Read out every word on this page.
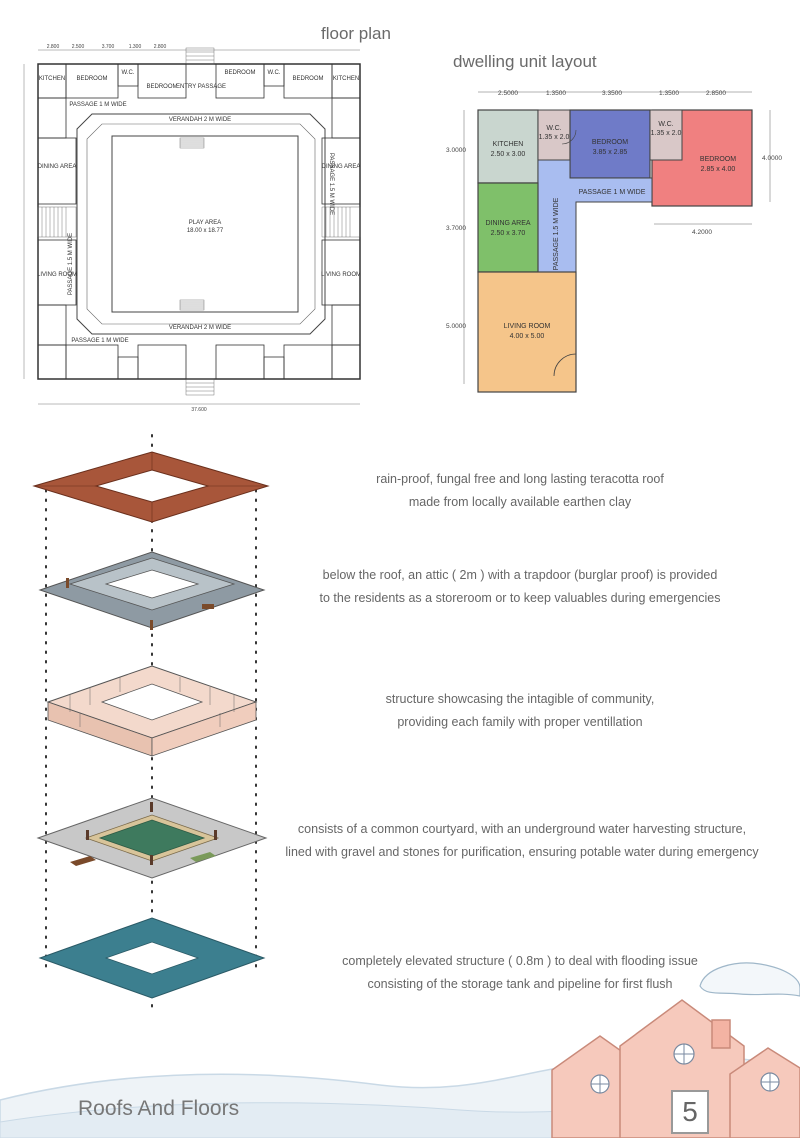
floor plan
2.800 2.500	3.700	1.300 2.800
37.600
KITCHEN BEDROOM
W.C.
BEDROOM
ENTRY PASSAGE
BEDROOM W.C.
BEDROOM KITCHEN
DINING AREA
LIVING ROOM	LIVING ROOM
DINING AREA
PASSAGE 1 M WIDE
VERANDAH 2 M WIDE
PLAY AREA
18.00 x 18.77
PASSAGE 1 M WIDE
VERANDAH 2 M WIDE
PASSAGE 1.5 M WIDE
PASSAGE 1.5 M WIDE
dwelling unit layout
2.5000	1.3500	3.3500	1.3500	2.8500
3.0000
3.7000
5.0000
4.0000
4.2000
KITCHEN
2.50 x 3.00
W.C.
1.35 x 2.0
BEDROOM
3.85 x 2.85
W.C.
1.35 x 2.0
BEDROOM
2.85 x 4.00
DINING AREA
2.50 x 3.70
LIVING ROOM
4.00 x 5.00
PASSAGE 1 M WIDE
PASSAGE 1.5 M WIDE
rain-proof, fungal free and long lasting teracotta roof
made from locally available earthen clay
below the roof, an attic ( 2m ) with a trapdoor (burglar proof) is provided
to the residents as a storeroom or to keep valuables during emergencies
structure showcasing the intagible of community,
providing each family with proper ventillation
consists of a common courtyard, with an underground water harvesting structure,
lined with gravel and stones for purification, ensuring potable water during emergency
completely elevated structure ( 0.8m ) to deal with flooding issue
consisting of the storage tank and pipeline for first flush
Roofs And Floors	5
